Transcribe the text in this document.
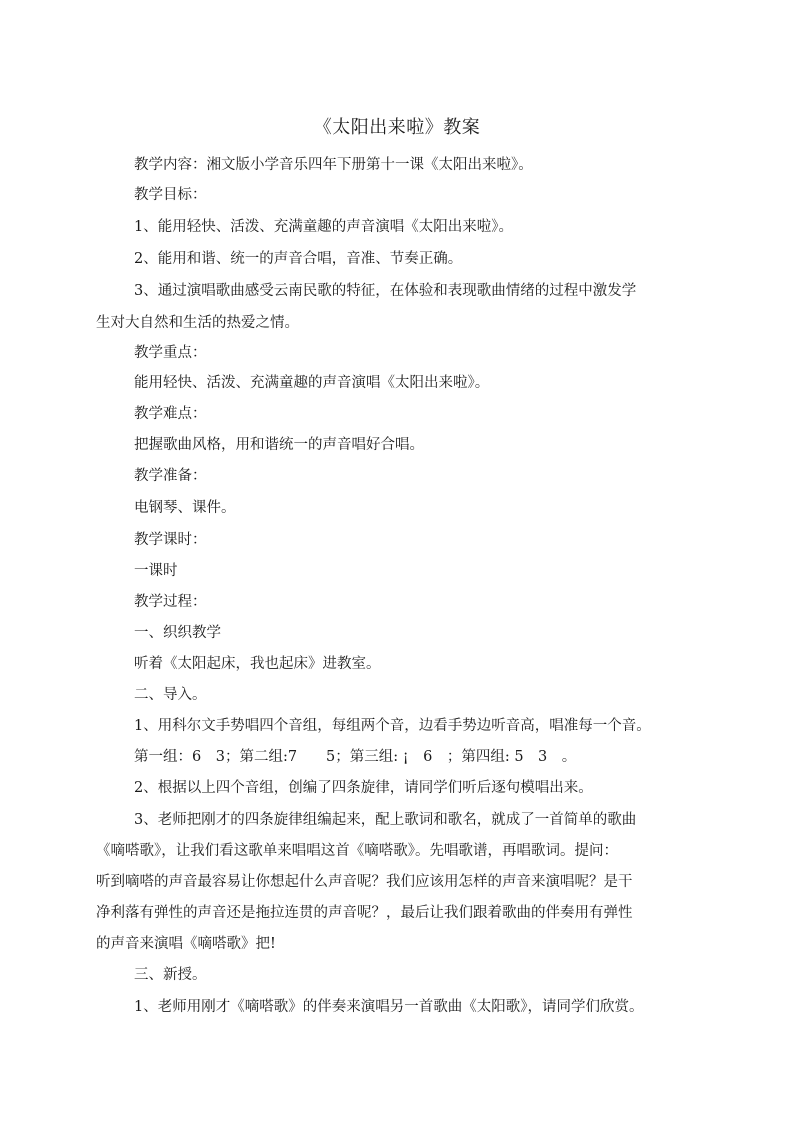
《太阳出来啦》教案
教学内容：湘文版小学音乐四年下册第十一课《太阳出来啦》。
教学目标：
1、能用轻快、活泼、充满童趣的声音演唱《太阳出来啦》。
2、能用和谐、统一的声音合唱，音准、节奏正确。
3、通过演唱歌曲感受云南民歌的特征，在体验和表现歌曲情绪的过程中激发学
生对大自然和生活的热爱之情。
教学重点：
能用轻快、活泼、充满童趣的声音演唱《太阳出来啦》。
教学难点：
把握歌曲风格，用和谐统一的声音唱好合唱。
教学准备：
电钢琴、课件。
教学课时：
一课时
教学过程：
一、织织教学
听着《太阳起床，我也起床》进教室。
二、导入。
1、用科尔文手势唱四个音组，每组两个音，边看手势边听音高，唱准每一个音。
第一组：6　3；第二组:7　　5；第三组: ¡　6　；第四组: 5　3　。
2、根据以上四个音组，创编了四条旋律，请同学们听后逐句模唱出来。
3、老师把刚才的四条旋律组编起来，配上歌词和歌名，就成了一首简单的歌曲
《嘀嗒歌》，让我们看这歌单来唱唱这首《嘀嗒歌》。先唱歌谱，再唱歌词。提问：
听到嘀嗒的声音最容易让你想起什么声音呢？我们应该用怎样的声音来演唱呢？是干
净利落有弹性的声音还是拖拉连贯的声音呢？，最后让我们跟着歌曲的伴奏用有弹性
的声音来演唱《嘀嗒歌》把!
三、新授。
1、老师用刚才《嘀嗒歌》的伴奏来演唱另一首歌曲《太阳歌》，请同学们欣赏。
